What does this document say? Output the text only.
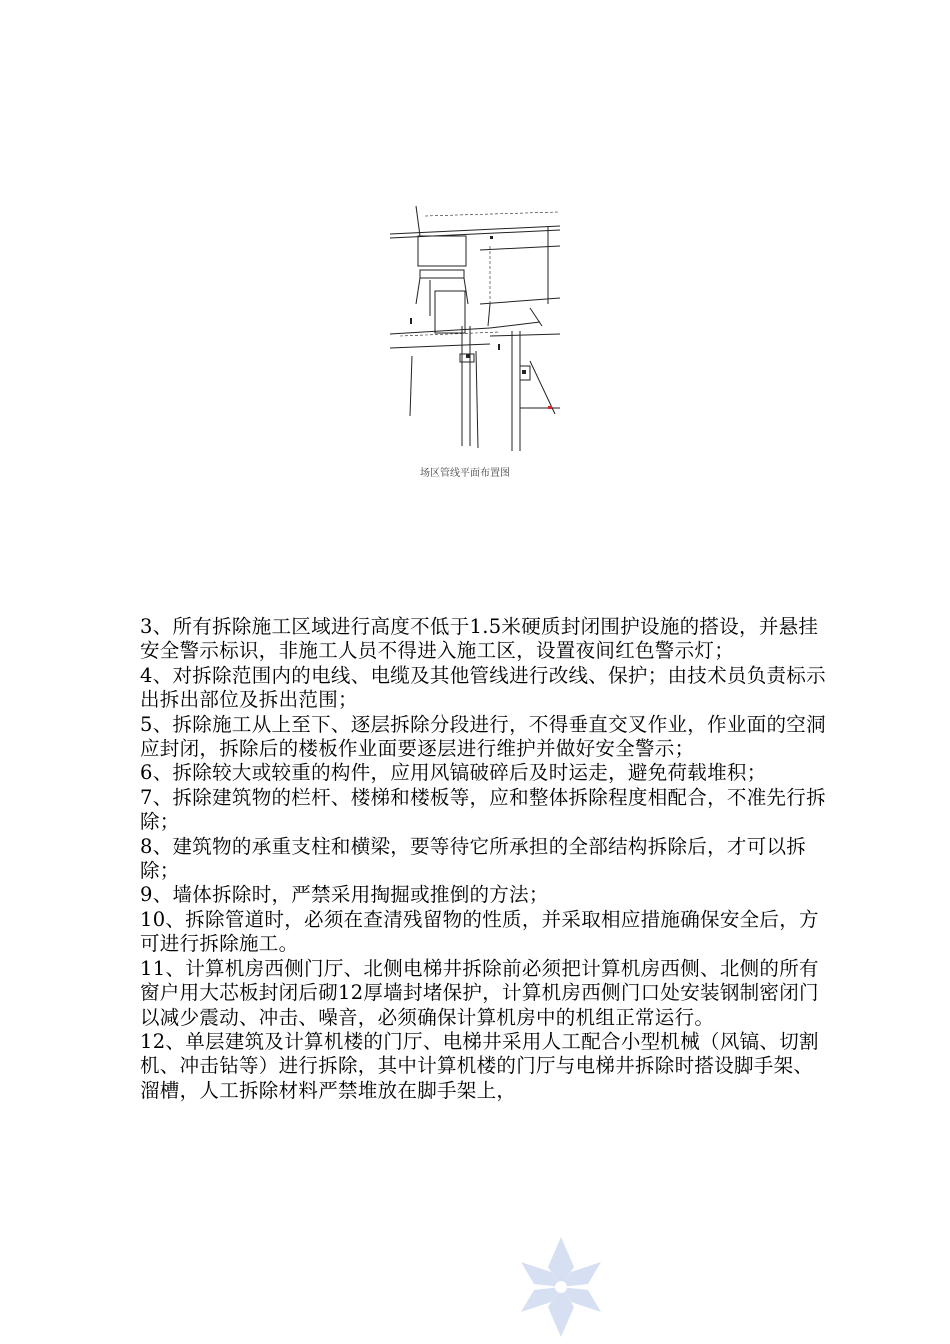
场区管线平面布置图

3、所有拆除施工区域进行高度不低于1.5米硬质封闭围护设施的搭设，并悬挂安全警示标识，非施工人员不得进入施工区，设置夜间红色警示灯；

4、对拆除范围内的电线、电缆及其他管线进行改线、保护；由技术员负责标示出拆出部位及拆出范围；

5、拆除施工从上至下、逐层拆除分段进行，不得垂直交叉作业，作业面的空洞应封闭，拆除后的楼板作业面要逐层进行维护并做好安全警示；

6、拆除较大或较重的构件，应用风镐破碎后及时运走，避免荷载堆积；

7、拆除建筑物的栏杆、楼梯和楼板等，应和整体拆除程度相配合，不准先行拆除；

8、建筑物的承重支柱和横梁，要等待它所承担的全部结构拆除后，才可以拆除；

9、墙体拆除时，严禁采用掏掘或推倒的方法；

10、拆除管道时，必须在查清残留物的性质，并采取相应措施确保安全后，方可进行拆除施工。

11、计算机房西侧门厅、北侧电梯井拆除前必须把计算机房西侧、北侧的所有窗户用大芯板封闭后砌12厚墙封堵保护，计算机房西侧门口处安装钢制密闭门以减少震动、冲击、噪音，必须确保计算机房中的机组正常运行。

12、单层建筑及计算机楼的门厅、电梯井采用人工配合小型机械（风镐、切割机、冲击钻等）进行拆除，其中计算机楼的门厅与电梯井拆除时搭设脚手架、溜槽，人工拆除材料严禁堆放在脚手架上，
